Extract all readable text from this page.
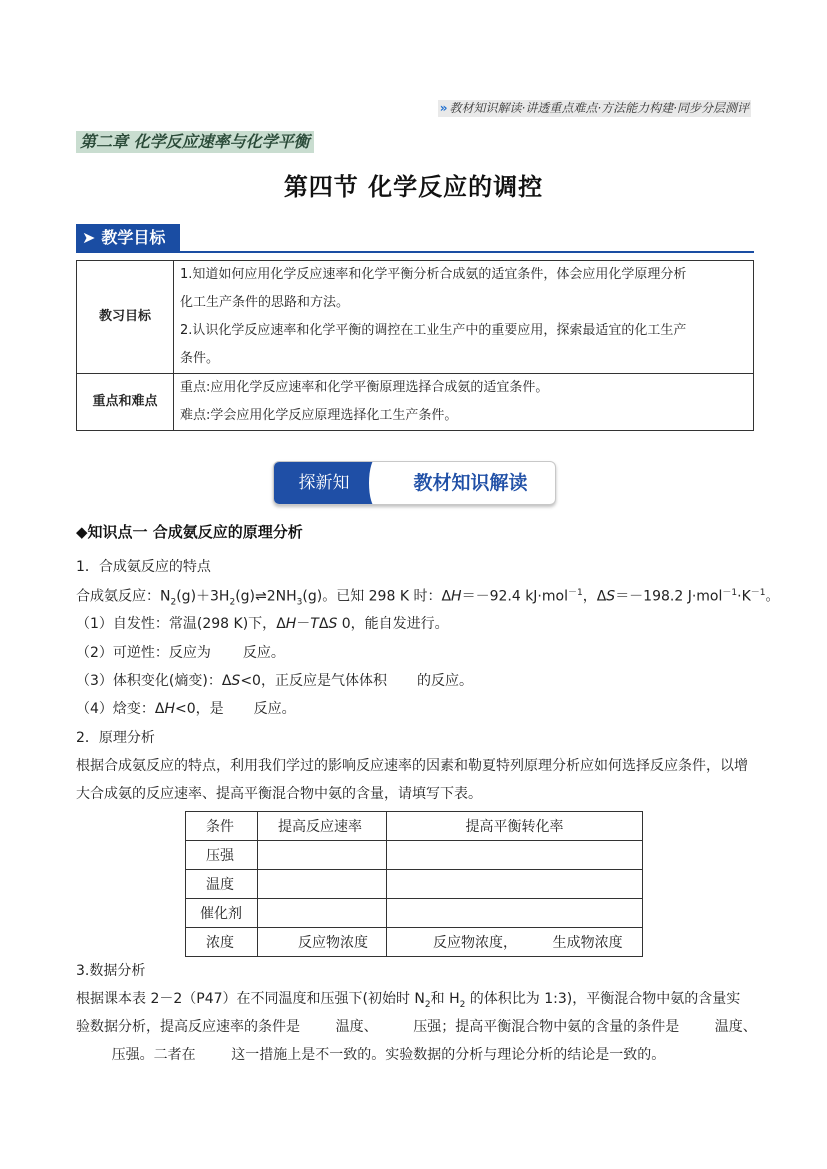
» 教材知识解读·讲透重点难点·方法能力构建·同步分层测评
第二章 化学反应速率与化学平衡
第四节 化学反应的调控
➤ 教学目标
教习目标	1.知道如何应用化学反应速率和化学平衡分析合成氨的适宜条件，体会应用化学原理分析
化工生产条件的思路和方法。
2.认识化学反应速率和化学平衡的调控在工业生产中的重要应用，探索最适宜的化工生产
条件。

重点和难点	重点:应用化学反应速率和化学平衡原理选择合成氨的适宜条件。
难点:学会应用化学反应原理选择化工生产条件。
探新知	教材知识解读
◆知识点一 合成氨反应的原理分析
1．合成氨反应的特点
合成氨反应：$N_2(g)+3H_2(g)\rightleftharpoons 2NH_3(g)$。已知 298 K 时：ΔH＝－92.4 kJ·mol$^{-1}$，ΔS＝－198.2 $J\cdot mol^{-1}\cdot K^{-1}$。
（1）自发性：常温(298 K)下，ΔH－TΔS 0，能自发进行。
（2）可逆性：反应为 反应。
（3）体积变化(熵变)：ΔS<0，正反应是气体体积 的反应。
（4）焓变：ΔH<0，是 反应。
2．原理分析
根据合成氨反应的特点，利用我们学过的影响反应速率的因素和勒夏特列原理分析应如何选择反应条件，以增大合成氨的反应速率、提高平衡混合物中氨的含量，请填写下表。
条件	提高反应速率	提高平衡转化率
压强		
温度		
催化剂		
浓度	反应物浓度	反应物浓度，        生成物浓度
3.数据分析
根据课本表 2－2（P47）在不同温度和压强下(初始时 $N_2$和 $H_2$ 的体积比为 1:3)，平衡混合物中氨的含量实
验数据分析，提高反应速率的条件是        温度、        压强；提高平衡混合物中氨的含量的条件是        温度、
压强。二者在        这一措施上是不一致的。实验数据的分析与理论分析的结论是一致的。
